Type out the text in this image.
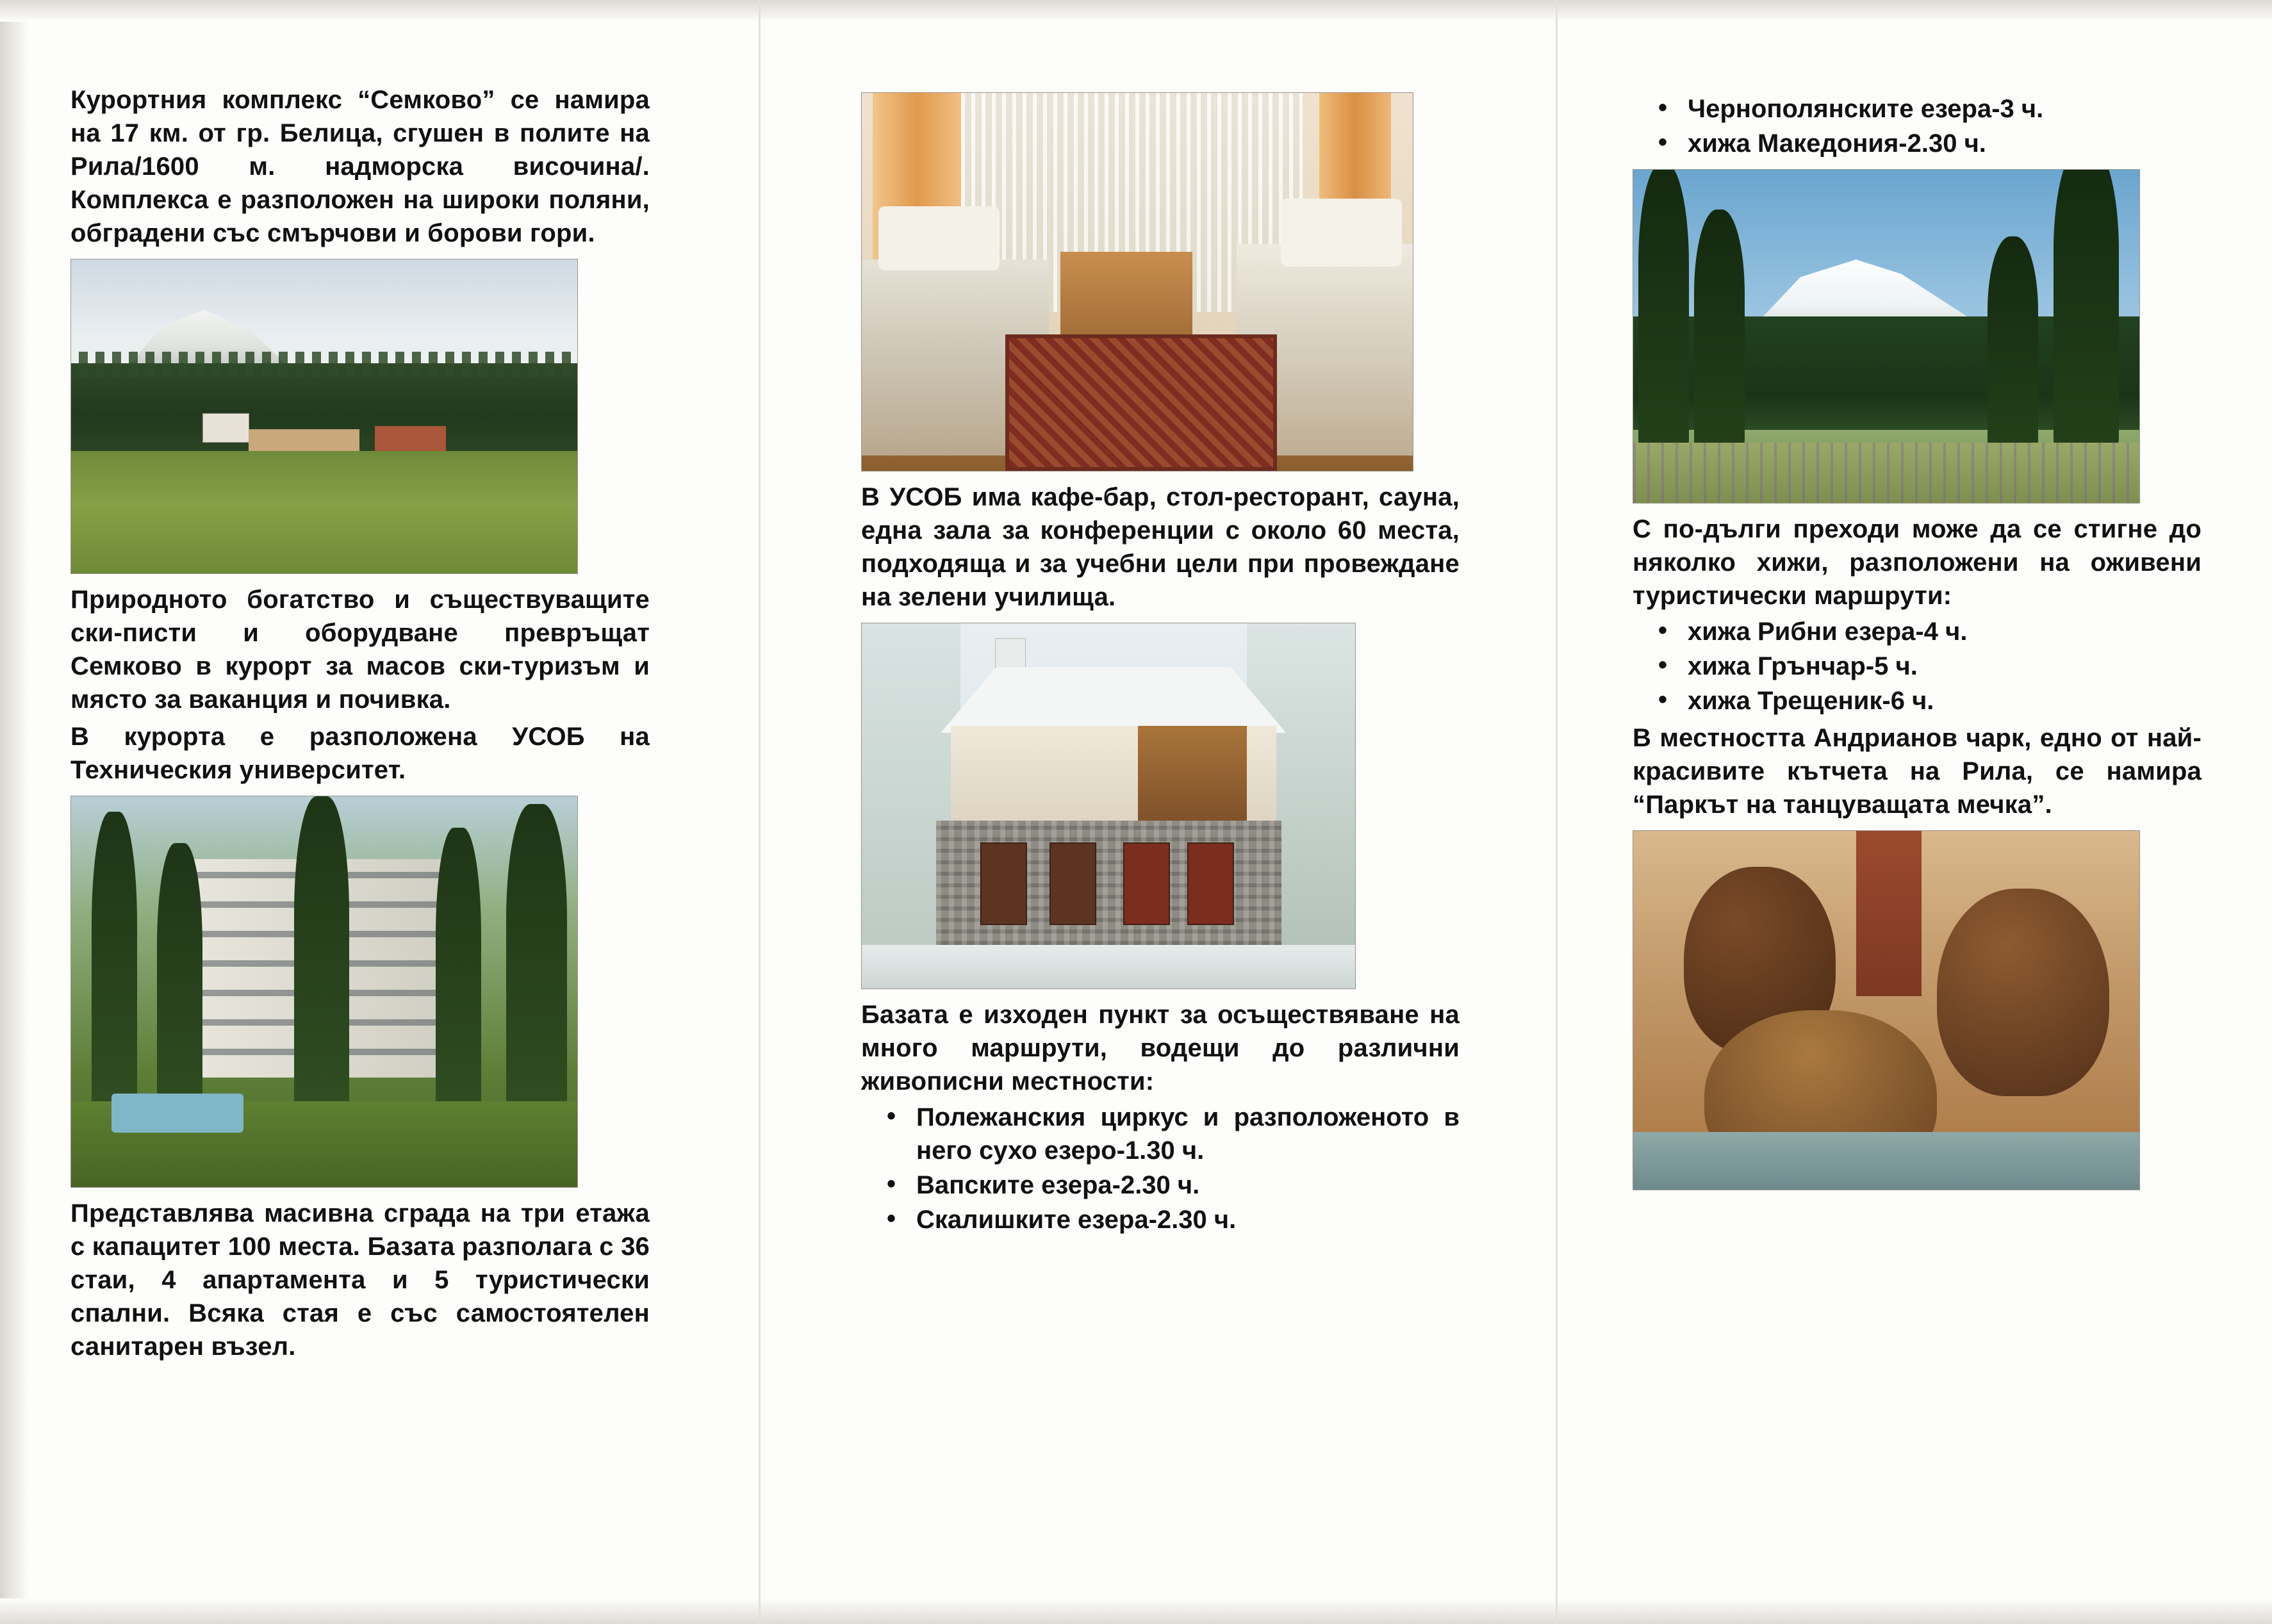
Курортния комплекс “Семково” се намира на 17 км. от гр. Белица, сгушен в полите на Рила/1600 м. надморска височина/. Комплекса е разположен на широки поляни, обградени със смърчови и борови гори.

Природното богатство и съществуващите ски-писти и оборудване превръщат Семково в курорт за масов ски-туризъм и място за ваканция и почивка.

В курорта е разположена УСОБ на Техническия университет.

Представлява масивна сграда на три етажа с капацитет 100 места. Базата разполага с 36 стаи, 4 апартамента и 5 туристически спални. Всяка стая е със самостоятелен санитарен възел.

В УСОБ има кафе-бар, стол-ресторант, сауна, една зала за конференции с около 60 места, подходяща и за учебни цели при провеждане на зелени училища.

Базата е изходен пункт за осъществяване на много маршрути, водещи до различни живописни местности:

• Полежанския циркус и разположеното в него сухо езеро-1.30 ч.
• Вапските езера-2.30 ч.
• Скалишките езера-2.30 ч.
• Чернополянските езера-3 ч.
• хижа Македония-2.30 ч.

С по-дълги преходи може да се стигне до няколко хижи, разположени на оживени туристически маршрути:

• хижа Рибни езера-4 ч.
• хижа Грънчар-5 ч.
• хижа Трещеник-6 ч.

В местността Андрианов чарк, едно от най-красивите кътчета на Рила, се намира “Паркът на танцуващата мечка”.
